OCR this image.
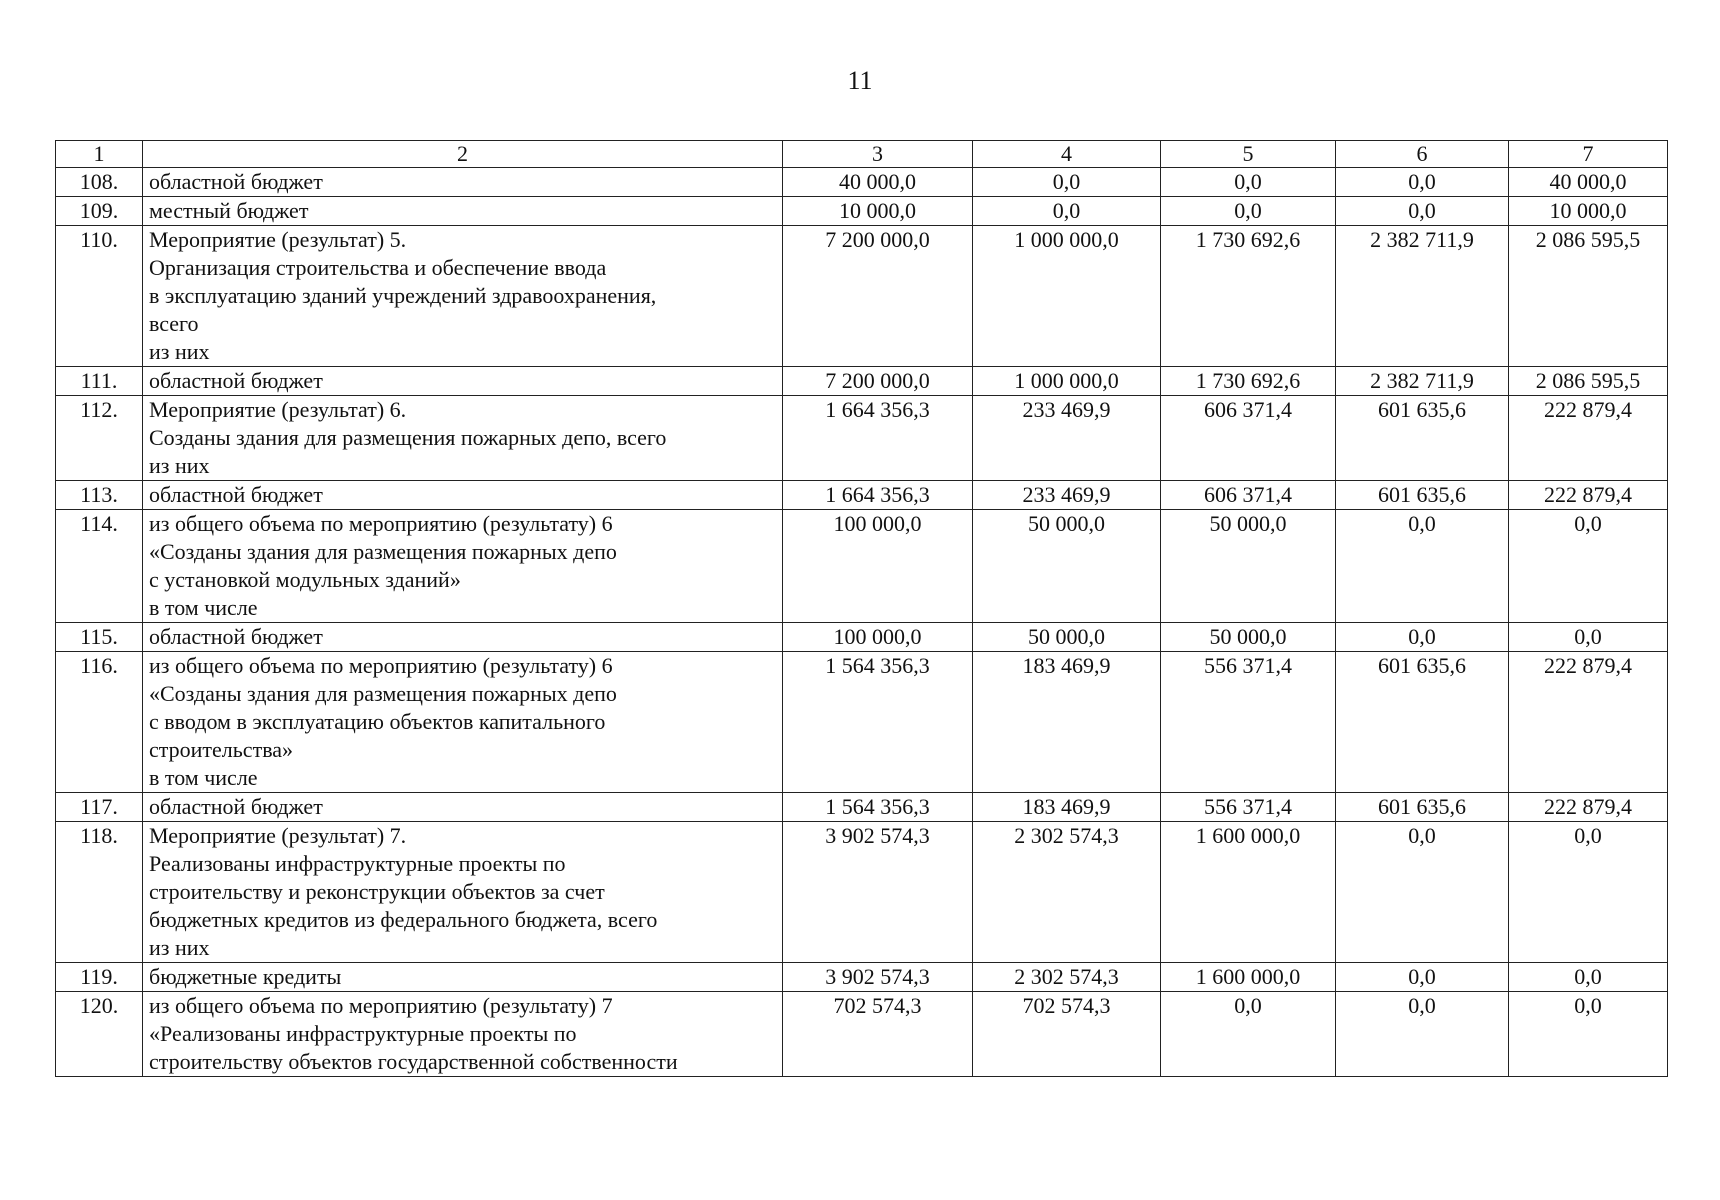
11
1	2	3	4	5	6	7
108.	областной бюджет	40 000,0	0,0	0,0	0,0	40 000,0
109.	местный бюджет	10 000,0	0,0	0,0	0,0	10 000,0
110.	Мероприятие (результат) 5.
Организация строительства и обеспечение ввода
в эксплуатацию зданий учреждений здравоохранения,
всего
из них	7 200 000,0	1 000 000,0	1 730 692,6	2 382 711,9	2 086 595,5
111.	областной бюджет	7 200 000,0	1 000 000,0	1 730 692,6	2 382 711,9	2 086 595,5
112.	Мероприятие (результат) 6.
Созданы здания для размещения пожарных депо, всего
из них	1 664 356,3	233 469,9	606 371,4	601 635,6	222 879,4
113.	областной бюджет	1 664 356,3	233 469,9	606 371,4	601 635,6	222 879,4
114.	из общего объема по мероприятию (результату) 6
«Созданы здания для размещения пожарных депо
с установкой модульных зданий»
в том числе	100 000,0	50 000,0	50 000,0	0,0	0,0
115.	областной бюджет	100 000,0	50 000,0	50 000,0	0,0	0,0
116.	из общего объема по мероприятию (результату) 6
«Созданы здания для размещения пожарных депо
с вводом в эксплуатацию объектов капитального
строительства»
в том числе	1 564 356,3	183 469,9	556 371,4	601 635,6	222 879,4
117.	областной бюджет	1 564 356,3	183 469,9	556 371,4	601 635,6	222 879,4
118.	Мероприятие (результат) 7.
Реализованы инфраструктурные проекты по
строительству и реконструкции объектов за счет
бюджетных кредитов из федерального бюджета, всего
из них	3 902 574,3	2 302 574,3	1 600 000,0	0,0	0,0
119.	бюджетные кредиты	3 902 574,3	2 302 574,3	1 600 000,0	0,0	0,0
120.	из общего объема по мероприятию (результату) 7
«Реализованы инфраструктурные проекты по
строительству объектов государственной собственности	702 574,3	702 574,3	0,0	0,0	0,0
